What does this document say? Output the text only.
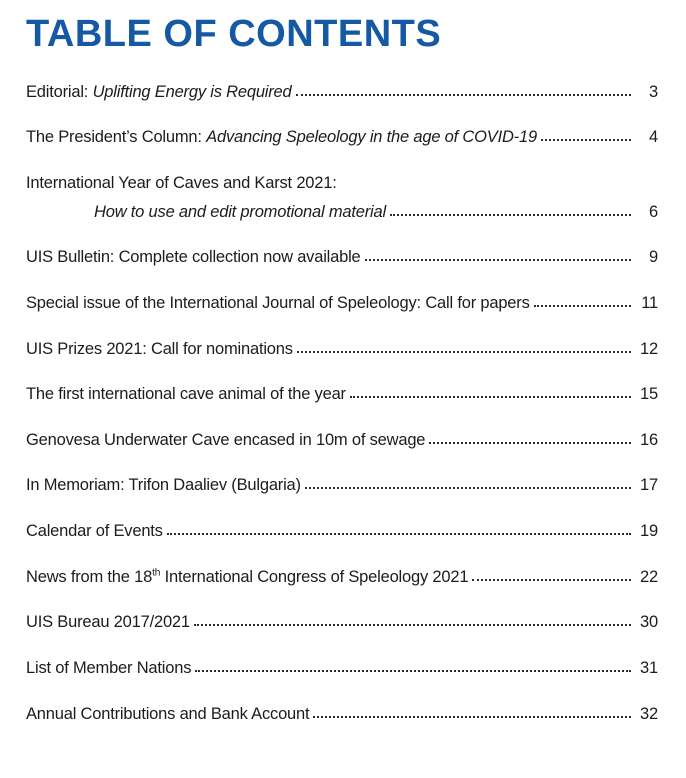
TABLE OF CONTENTS
Editorial: Uplifting Energy is Required	3
The President’s Column: Advancing Speleology in the age of COVID-19	4
International Year of Caves and Karst 2021:
How to use and edit promotional material	6
UIS Bulletin: Complete collection now available	9
Special issue of the International Journal of Speleology: Call for papers	11
UIS Prizes 2021: Call for nominations	12
The first international cave animal of the year	15
Genovesa Underwater Cave encased in 10m of sewage	16
In Memoriam: Trifon Daaliev (Bulgaria)	17
Calendar of Events	19
News from the 18th International Congress of Speleology 2021	22
UIS Bureau 2017/2021	30
List of Member Nations	31
Annual Contributions and Bank Account	32
